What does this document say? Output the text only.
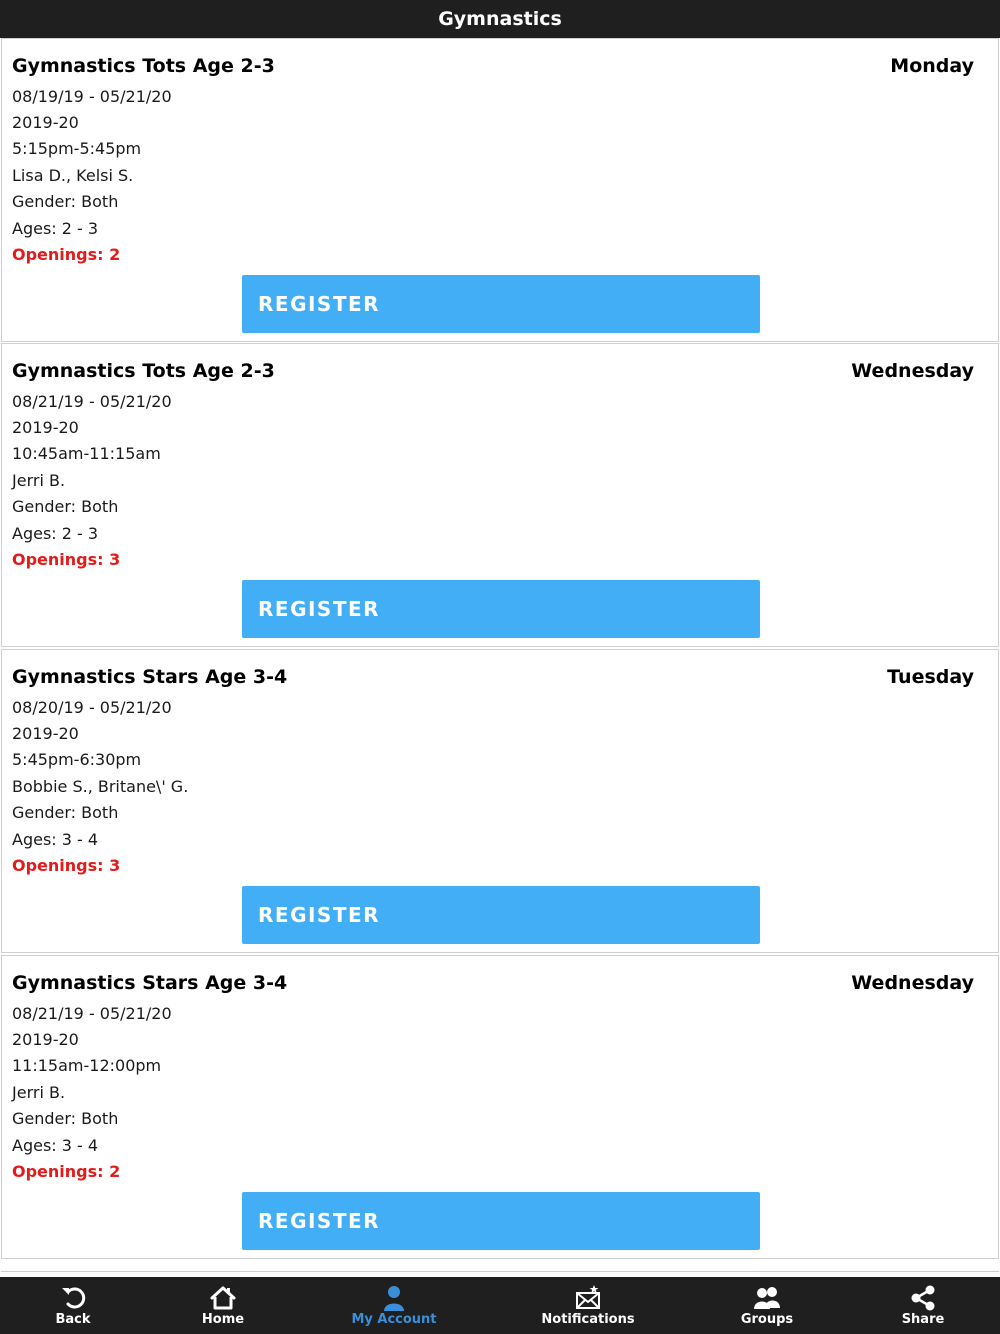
Gymnastics
Gymnastics Tots Age 2-3	Monday
08/19/19 - 05/21/20
2019-20
5:15pm-5:45pm
Lisa D., Kelsi S.
Gender: Both
Ages: 2 - 3
Openings: 2
REGISTER
Gymnastics Tots Age 2-3	Wednesday
08/21/19 - 05/21/20
2019-20
10:45am-11:15am
Jerri B.
Gender: Both
Ages: 2 - 3
Openings: 3
REGISTER
Gymnastics Stars Age 3-4	Tuesday
08/20/19 - 05/21/20
2019-20
5:45pm-6:30pm
Bobbie S., Britane\' G.
Gender: Both
Ages: 3 - 4
Openings: 3
REGISTER
Gymnastics Stars Age 3-4	Wednesday
08/21/19 - 05/21/20
2019-20
11:15am-12:00pm
Jerri B.
Gender: Both
Ages: 3 - 4
Openings: 2
REGISTER
Back	Home	My Account	Notifications	Groups	Share
